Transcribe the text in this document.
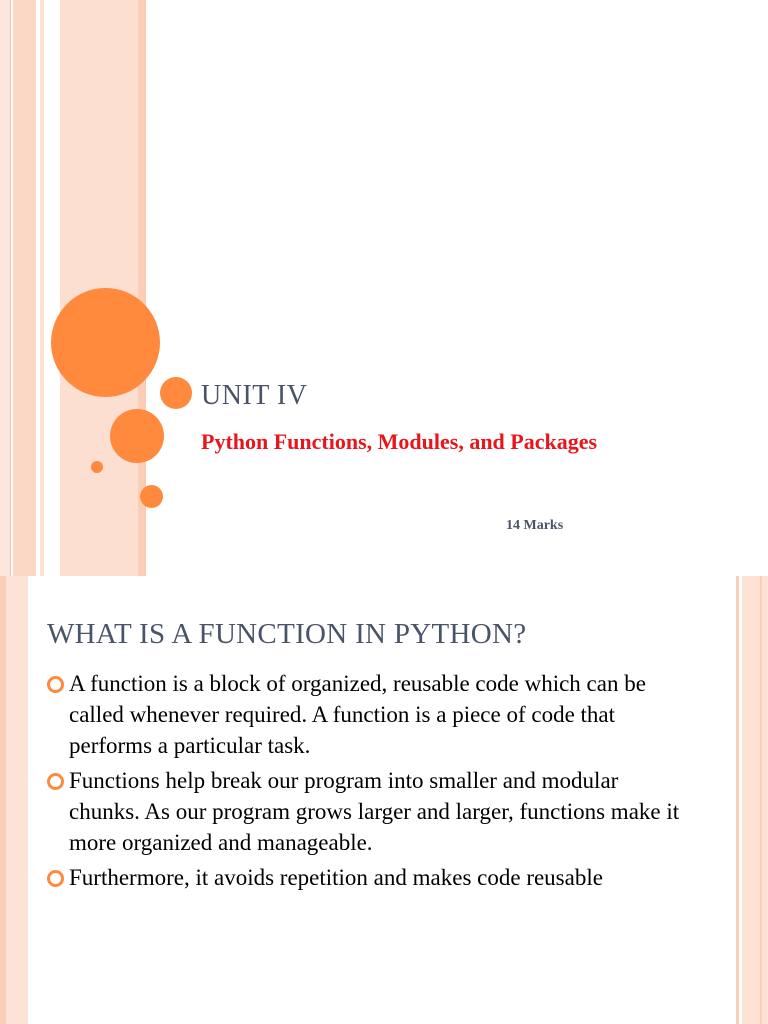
UNIT IV
Python Functions, Modules, and Packages
14 Marks
WHAT IS A FUNCTION IN PYTHON?
A function is a block of organized, reusable code which can be called whenever required. A function is a piece of code that performs a particular task.
Functions help break our program into smaller and modular chunks. As our program grows larger and larger, functions make it more organized and manageable.
Furthermore, it avoids repetition and makes code reusable
